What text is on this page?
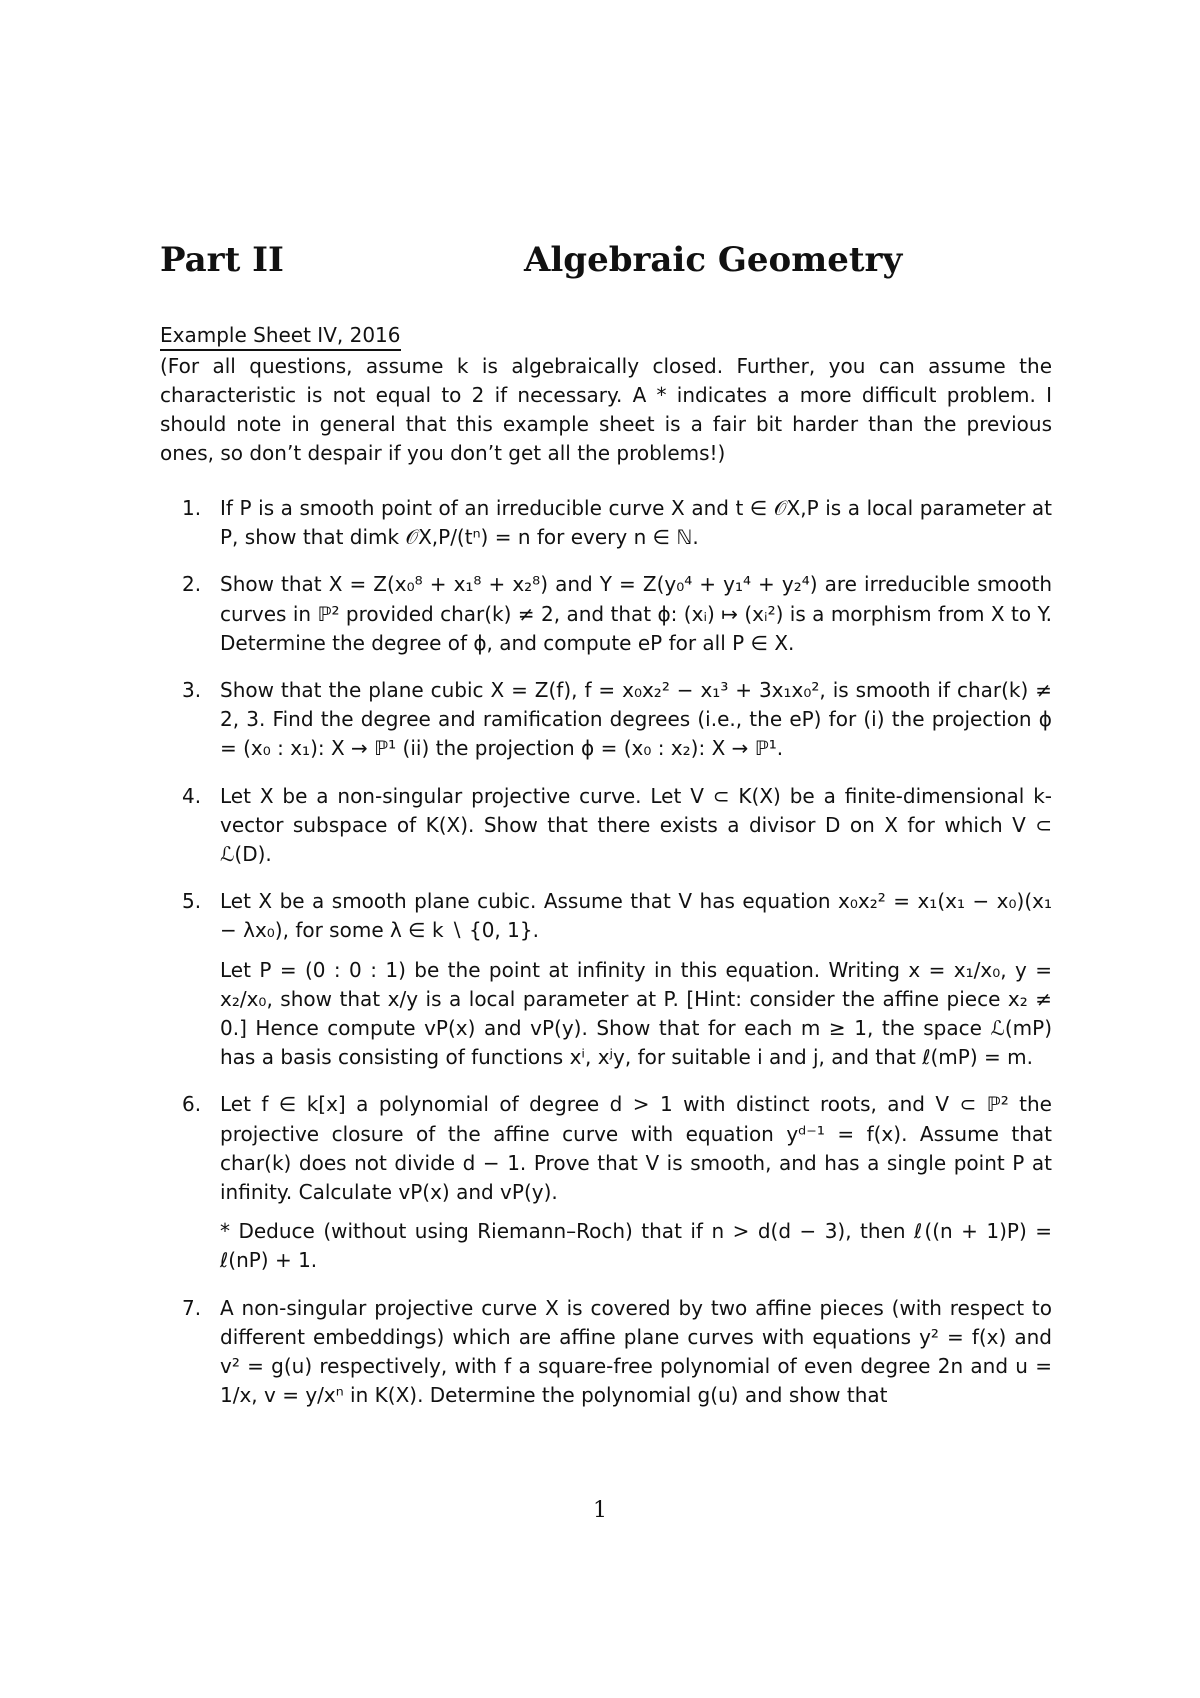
Part II	Algebraic Geometry
Example Sheet IV, 2016
(For all questions, assume k is algebraically closed. Further, you can assume the characteristic is not equal to 2 if necessary. A * indicates a more difficult problem. I should note in general that this example sheet is a fair bit harder than the previous ones, so don’t despair if you don’t get all the problems!)
1. If P is a smooth point of an irreducible curve X and t ∈ 𝒪X,P is a local parameter at P, show that dimk 𝒪X,P/(tⁿ) = n for every n ∈ ℕ.

2. Show that X = Z(x₀⁸ + x₁⁸ + x₂⁸) and Y = Z(y₀⁴ + y₁⁴ + y₂⁴) are irreducible smooth curves in ℙ² provided char(k) ≠ 2, and that ϕ: (xᵢ) ↦ (xᵢ²) is a morphism from X to Y. Determine the degree of ϕ, and compute eP for all P ∈ X.

3. Show that the plane cubic X = Z(f), f = x₀x₂² − x₁³ + 3x₁x₀², is smooth if char(k) ≠ 2, 3. Find the degree and ramification degrees (i.e., the eP) for (i) the projection ϕ = (x₀ : x₁): X → ℙ¹ (ii) the projection ϕ = (x₀ : x₂): X → ℙ¹.

4. Let X be a non-singular projective curve. Let V ⊂ K(X) be a finite-dimensional k-vector subspace of K(X). Show that there exists a divisor D on X for which V ⊂ ℒ(D).

5. Let X be a smooth plane cubic. Assume that V has equation x₀x₂² = x₁(x₁ − x₀)(x₁ − λx₀), for some λ ∈ k ∖ {0, 1}.

Let P = (0 : 0 : 1) be the point at infinity in this equation. Writing x = x₁/x₀, y = x₂/x₀, show that x/y is a local parameter at P. [Hint: consider the affine piece x₂ ≠ 0.] Hence compute vP(x) and vP(y). Show that for each m ≥ 1, the space ℒ(mP) has a basis consisting of functions xⁱ, xʲy, for suitable i and j, and that ℓ(mP) = m.

6. Let f ∈ k[x] a polynomial of degree d > 1 with distinct roots, and V ⊂ ℙ² the projective closure of the affine curve with equation yᵈ⁻¹ = f(x). Assume that char(k) does not divide d − 1. Prove that V is smooth, and has a single point P at infinity. Calculate vP(x) and vP(y).

* Deduce (without using Riemann–Roch) that if n > d(d − 3), then ℓ((n + 1)P) = ℓ(nP) + 1.

7. A non-singular projective curve X is covered by two affine pieces (with respect to different embeddings) which are affine plane curves with equations y² = f(x) and v² = g(u) respectively, with f a square-free polynomial of even degree 2n and u = 1/x, v = y/xⁿ in K(X). Determine the polynomial g(u) and show that

1
